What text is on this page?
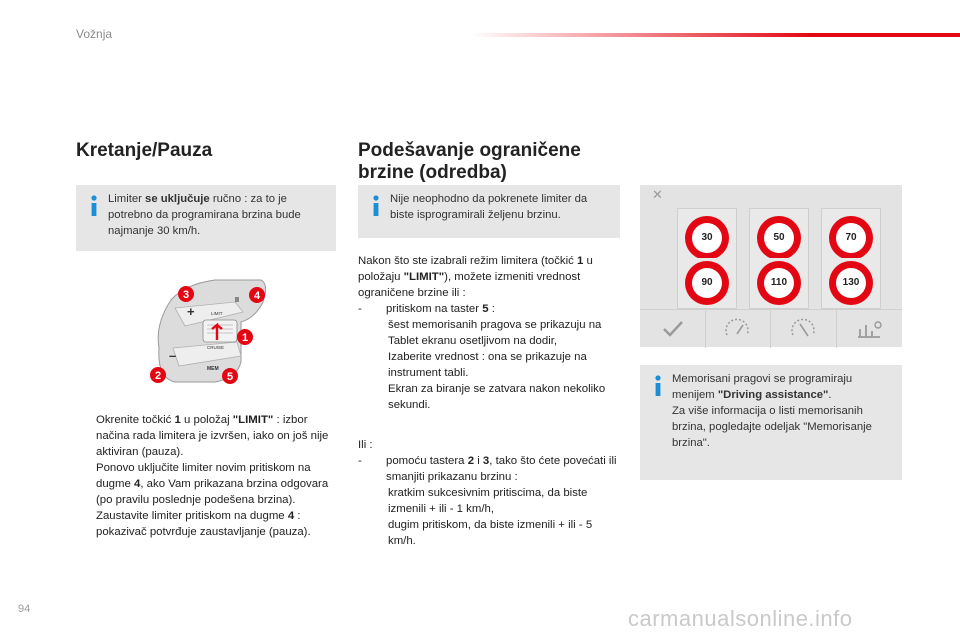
Vožnja
Kretanje/Pauza
Limiter se uključuje ručno : za to je potrebno da programirana brzina bude najmanje 30 km/h.
+
–
II
LIMIT
CRUISE
MEM
3	4
1
2	5
Okrenite točkić 1 u položaj "LIMIT" : izbor načina rada limitera je izvršen, iako on još nije aktiviran (pauza).
Ponovo uključite limiter novim pritiskom na dugme 4, ako Vam prikazana brzina odgovara (po pravilu poslednje podešena brzina).
Zaustavite limiter pritiskom na dugme 4 : pokazivač potvrđuje zaustavljanje (pauza).
Podešavanje ograničene
brzine (odredba)
Nije neophodno da pokrenete limiter da biste isprogramirali željenu brzinu.
Nakon što ste izabrali režim limitera (točkić 1 u položaju "LIMIT"), možete izmeniti vrednost ograničene brzine ili :
- pritiskom na taster 5 :
šest memorisanih pragova se prikazuju na Tablet ekranu osetljivom na dodir,
Izaberite vrednost : ona se prikazuje na instrument tabli.
Ekran za biranje se zatvara nakon nekoliko sekundi.
Ili :
- pomoću tastera 2 i 3, tako što ćete povećati ili smanjiti prikazanu brzinu :
kratkim sukcesivnim pritiscima, da biste izmenili + ili - 1 km/h,
dugim pritiskom, da biste izmenili + ili - 5 km/h.
✕
30	50	70
90	110	130
Memorisani pragovi se programiraju menijem "Driving assistance".
Za više informacija o listi memorisanih brzina, pogledajte odeljak "Memorisanje brzina".
94	carmanualsonline.info
